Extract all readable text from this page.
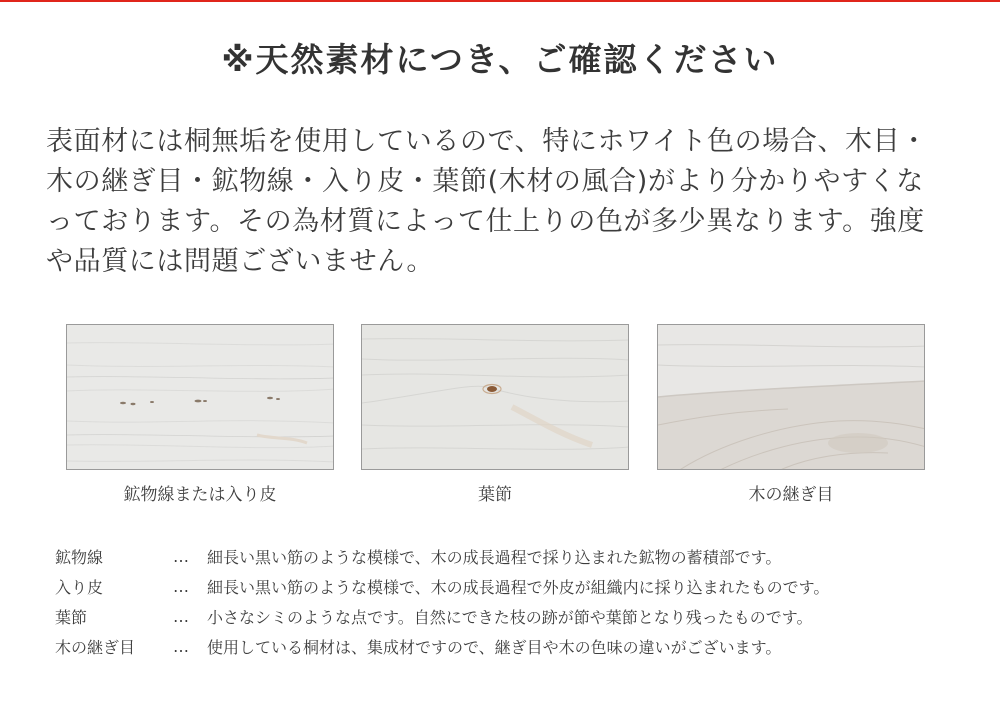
※天然素材につき、ご確認ください
表面材には桐無垢を使用しているので、特にホワイト色の場合、木目・
木の継ぎ目・鉱物線・入り皮・葉節(木材の風合)がより分かりやすくな
っております。その為材質によって仕上りの色が多少異なります。強度
や品質には問題ございません。
鉱物線または入り皮	葉節	木の継ぎ目
鉱物線	…	細長い黒い筋のような模様で、木の成長過程で採り込まれた鉱物の蓄積部です。
入り皮	…	細長い黒い筋のような模様で、木の成長過程で外皮が組織内に採り込まれたものです。
葉節	…	小さなシミのような点です。自然にできた枝の跡が節や葉節となり残ったものです。
木の継ぎ目	…	使用している桐材は、集成材ですので、継ぎ目や木の色味の違いがございます。
